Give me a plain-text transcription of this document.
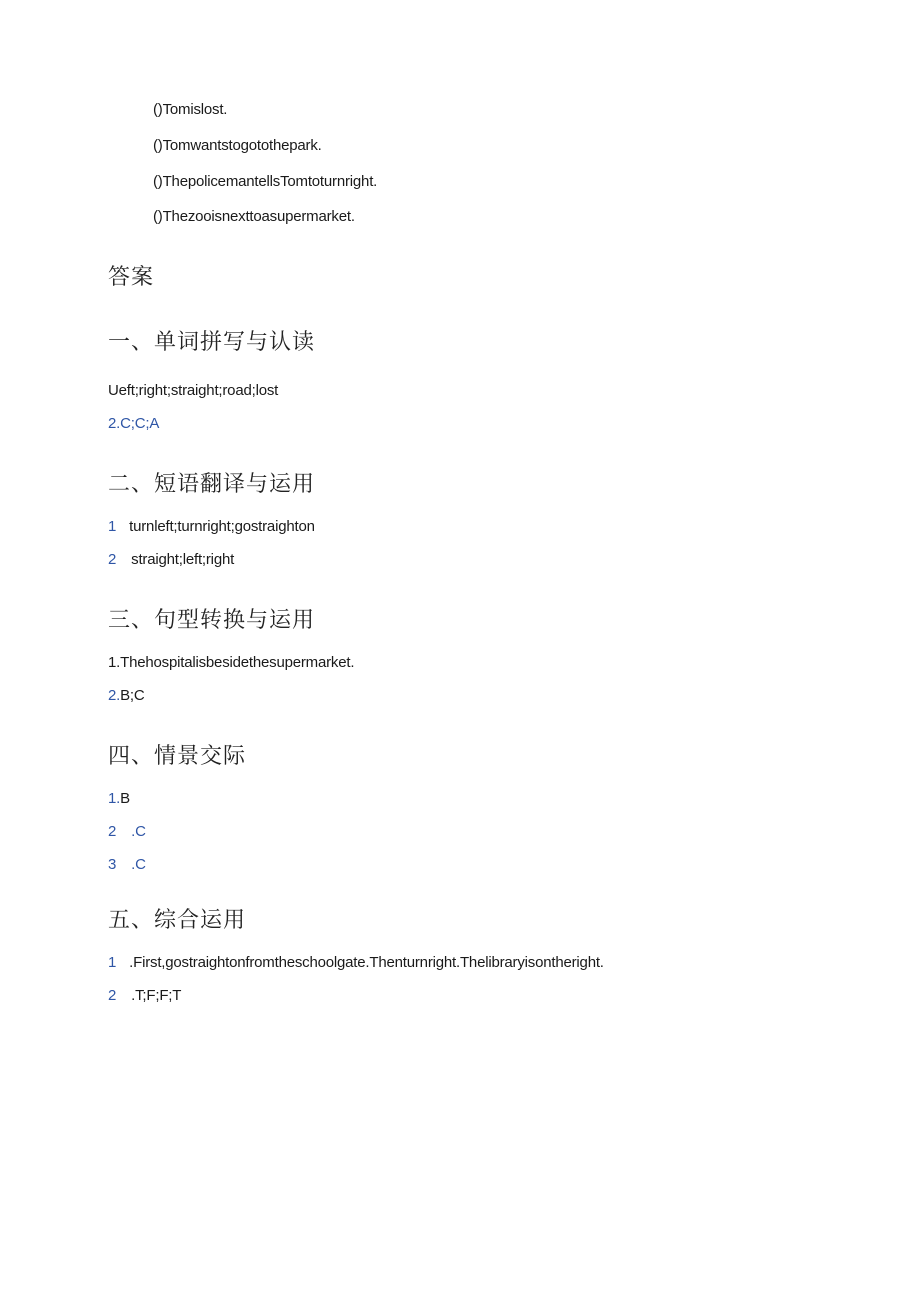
()Tomislost.
()Tomwantstogotothepark.
()ThepolicemantellsTomtoturnright.
()Thezooisnexttoasupermarket.
答案
一、单词拼写与认读
Ueft;right;straight;road;lost
2.C;C;A
二、短语翻译与运用
1 turnleft;turnright;gostraighton
2 straight;left;right
三、句型转换与运用
1.Thehospitalisbesidethesupermarket.
2.B;C
四、情景交际
1.B
2 .C
3 .C
五、综合运用
1 .First,gostraightonfromtheschoolgate.Thenturnright.Thelibraryisontheright.
2 .T;F;F;T
